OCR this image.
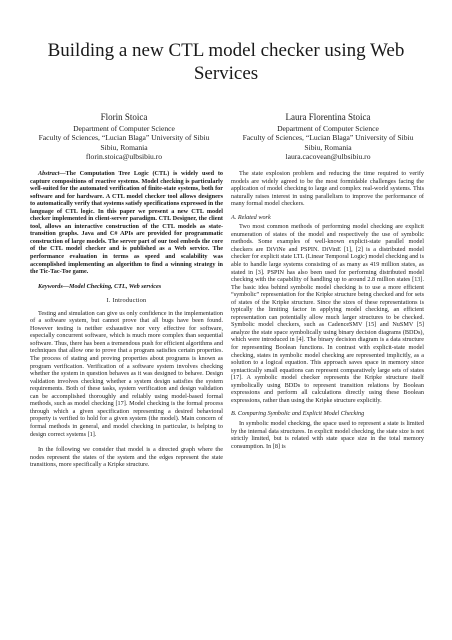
Building a new CTL model checker using Web Services
Florin Stoica
Department of Computer Science
Faculty of Sciences, “Lucian Blaga” University of Sibiu
Sibiu, Romania
florin.stoica@ulbsibiu.ro
Laura Florentina Stoica
Department of Computer Science
Faculty of Sciences, “Lucian Blaga” University of Sibiu
Sibiu, Romania
laura.cacovean@ulbsibiu.ro

Abstract—The Computation Tree Logic (CTL) is widely used to capture compositions of reactive systems. Model checking is particularly well-suited for the automated verification of finite-state systems, both for software and for hardware. A CTL model checker tool allows designers to automatically verify that systems satisfy specifications expressed in the language of CTL logic. In this paper we present a new CTL model checker implemented in client-server paradigm. CTL Designer, the client tool, allows an interactive construction of the CTL models as state-transition graphs. Java and C# APIs are provided for programmatic construction of large models. The server part of our tool embeds the core of the CTL model checker and is published as a Web service. The performance evaluation in terms as speed and scalability was accomplished implementing an algorithm to find a winning strategy in the Tic-Tac-Toe game.

Keywords—Model Checking, CTL, Web services

I. Introduction

Testing and simulation can give us only confidence in the implementation of a software system, but cannot prove that all bugs have been found. However testing is neither exhaustive nor very effective for software, especially concurrent software, which is much more complex than sequential software. Thus, there has been a tremendous push for efficient algorithms and techniques that allow one to prove that a program satisfies certain properties. The process of stating and proving properties about programs is known as program verification. Verification of a software system involves checking whether the system in question behaves as it was designed to behave. Design validation involves checking whether a system design satisfies the system requirements. Both of these tasks, system verification and design validation can be accomplished thoroughly and reliably using model-based formal methods, such as model checking [17]. Model checking is the formal process through which a given specification representing a desired behavioral property is verified to hold for a given system (the model). Main concern of formal methods in general, and model checking in particular, is helping to design correct systems [1].

In the following we consider that model is a directed graph where the nodes represent the states of the system and the edges represent the state transitions, more specifically a Kripke structure.

The state explosion problem and reducing the time required to verify models are widely agreed to be the most formidable challenges facing the application of model checking to large and complex real-world systems. This naturally raises interest in using parallelism to improve the performance of many formal model checkers.

A. Related work

Two most common methods of performing model checking are explicit enumeration of states of the model and respectively the use of symbolic methods. Some examples of well-known explicit-state parallel model checkers are DiViNe and PSPIN. DiVinE [1], [2] is a distributed model checker for explicit state LTL (Linear Temporal Logic) model checking and is able to handle large systems consisting of as many as 419 million states, as stated in [3]. PSPIN has also been used for performing distributed model checking with the capability of handling up to around 2.8 million states [13]. The basic idea behind symbolic model checking is to use a more efficient “symbolic” representation for the Kripke structure being checked and for sets of states of the Kripke structure. Since the sizes of these representations is typically the limiting factor in applying model checking, an efficient representation can potentially allow much larger structures to be checked. Symbolic model checkers, such as CadenceSMV [15] and NuSMV [5] analyze the state space symbolically using binary decision diagrams (BDDs), which were introduced in [4]. The binary decision diagram is a data structure for representing Boolean functions. In contrast with explicit-state model checking, states in symbolic model checking are represented implicitly, as a solution to a logical equation. This approach saves space in memory since syntactically small equations can represent comparatively large sets of states [17]. A symbolic model checker represents the Kripke structure itself symbolically using BDDs to represent transition relations by Boolean expressions and perform all calculations directly using these Boolean expressions, rather than using the Kripke structure explicitly.

B. Comparing Symbolic and Explicit Model Checking

In symbolic model checking, the space used to represent a state is limited by the internal data structures. In explicit model checking, the state size is not strictly limited, but is related with state space size in the total memory consumption. In [8] is
